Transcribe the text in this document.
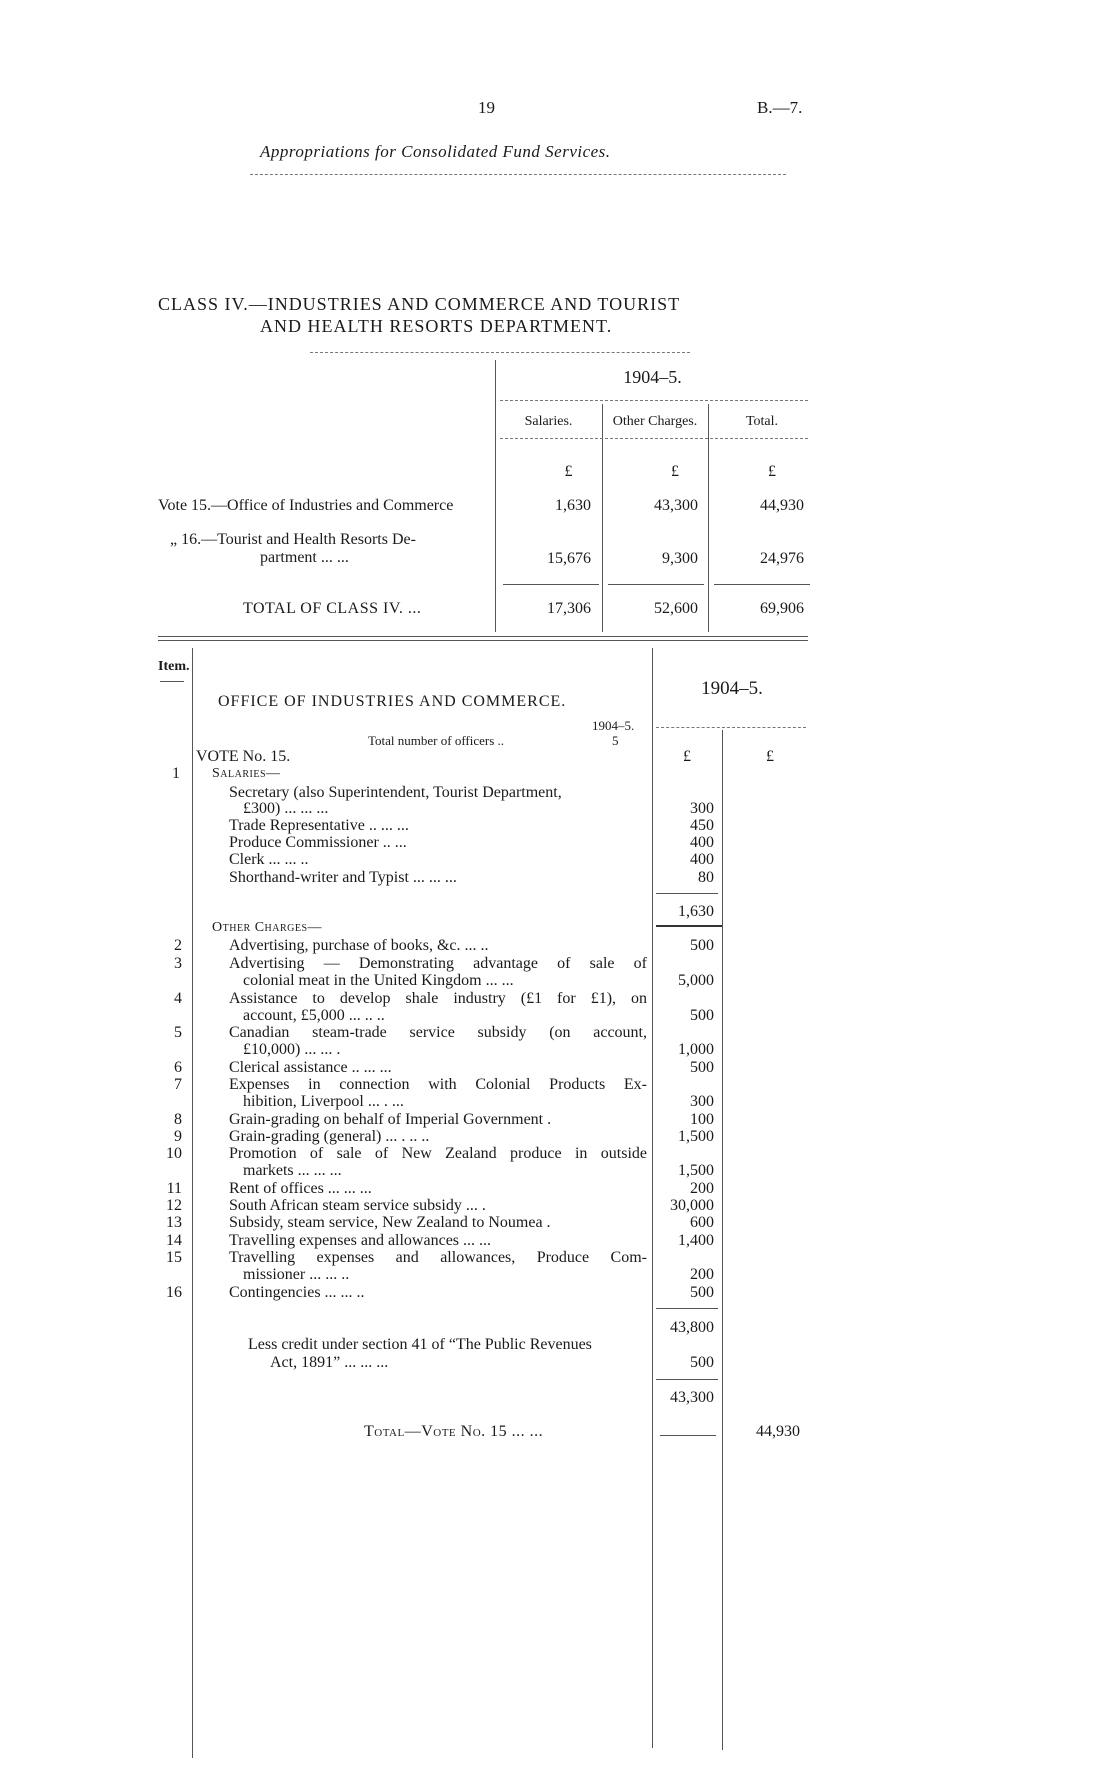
19	B.—7.
Appropriations for Consolidated Fund Services.
CLASS IV.—INDUSTRIES AND COMMERCE AND TOURIST
AND HEALTH RESORTS DEPARTMENT.
1904–5.
Salaries.	Other Charges.	Total.
£	£	£
Vote 15.—Office of Industries and Commerce	1,630	43,300	44,930
„ 16.—Tourist and Health Resorts De-
partment ... ...	15,676	9,300	24,976
TOTAL OF CLASS IV. ...	17,306	52,600	69,906
Item.
OFFICE OF INDUSTRIES AND COMMERCE.
1904–5.
Total number of officers ..
1904–5.
5
VOTE No. 15.	£	£
1 Salaries—
Secretary (also Superintendent, Tourist Department,
£300) ... ... ...	300
Trade Representative .. ... ...	450
Produce Commissioner .. ...	400
Clerk ... ... ..	400
Shorthand-writer and Typist ... ... ...	80
1,630
Other Charges—
2	Advertising, purchase of books, &c. ... ..	500
3	Advertising — Demonstrating advantage of sale of
colonial meat in the United Kingdom ... ...	5,000
4	Assistance to develop shale industry (£1 for £1), on
account, £5,000 ... .. ..	500
5	Canadian steam-trade service subsidy (on account,
£10,000) ... ... .	1,000
6	Clerical assistance .. ... ...	500
7	Expenses in connection with Colonial Products Ex-
hibition, Liverpool ... . ...	300
8	Grain-grading on behalf of Imperial Government .	100
9	Grain-grading (general) ... . .. ..	1,500
10	Promotion of sale of New Zealand produce in outside
markets ... ... ...	1,500
11	Rent of offices ... ... ...	200
12	South African steam service subsidy ... .	30,000
13	Subsidy, steam service, New Zealand to Noumea .	600
14	Travelling expenses and allowances ... ...	1,400
15	Travelling expenses and allowances, Produce Com-
missioner ... ... ..	200
16	Contingencies ... ... ..	500
43,800
Less credit under section 41 of “The Public Revenues
Act, 1891” ... ... ...	500
43,300
Total—Vote No. 15 ... ...	44,930
